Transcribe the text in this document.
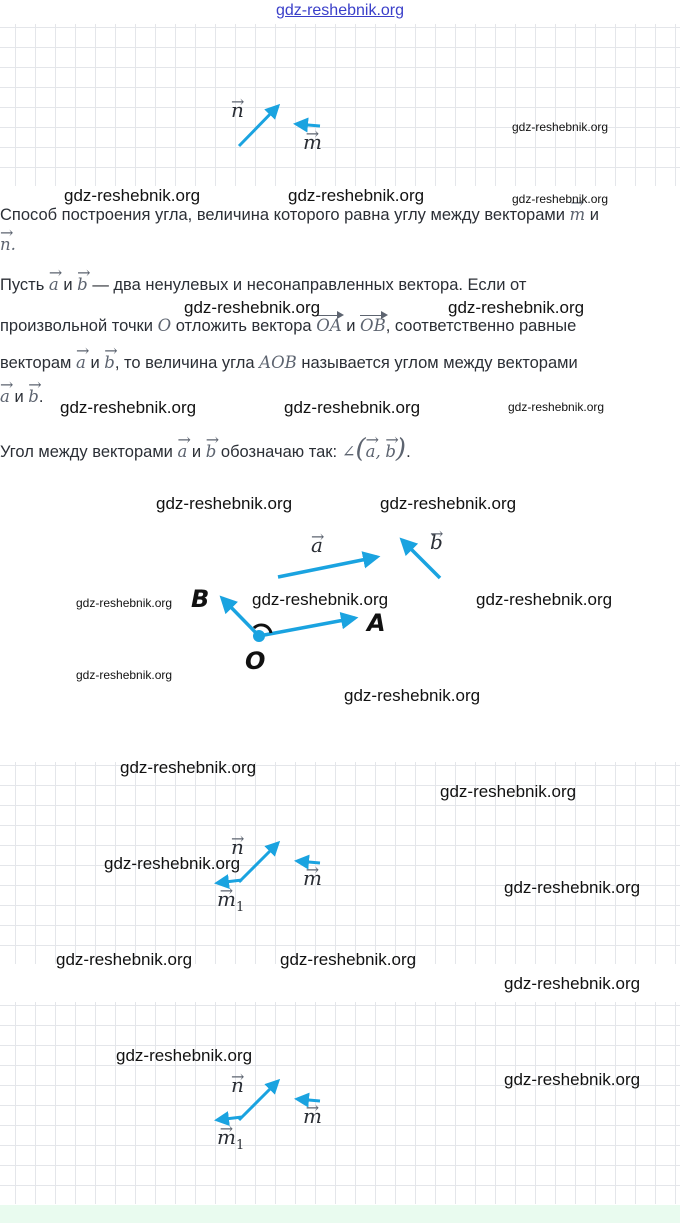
gdz-reshebnik.org
→ n
→ m
Способ построения угла, величина которого равна углу между векторами → m и
→ n.
Пусть → a и → b — два ненулевых и несонаправленных вектора. Если от
произвольной точки O отложить вектора OA и OB, соответственно равные
векторам → a и → b, то величина угла AOB называется углом между векторами
→ a и → b.
Угол между векторами → a и → b обозначаю так: ∠(→ a, → b).
→ a	→ b
B
A
O
→ n
→ m
→ $m_1$
→ n
→ m
→ $m_1$
gdz-reshebnik.org
gdz-reshebnik.org	gdz-reshebnik.org	gdz-reshebnik.org
gdz-reshebnik.org	gdz-reshebnik.org
gdz-reshebnik.org	gdz-reshebnik.org	gdz-reshebnik.org
gdz-reshebnik.org	gdz-reshebnik.org
gdz-reshebnik.org	gdz-reshebnik.org	gdz-reshebnik.org
gdz-reshebnik.org
gdz-reshebnik.org
gdz-reshebnik.org
gdz-reshebnik.org
gdz-reshebnik.org
gdz-reshebnik.org
gdz-reshebnik.org	gdz-reshebnik.org
gdz-reshebnik.org
gdz-reshebnik.org
gdz-reshebnik.org
